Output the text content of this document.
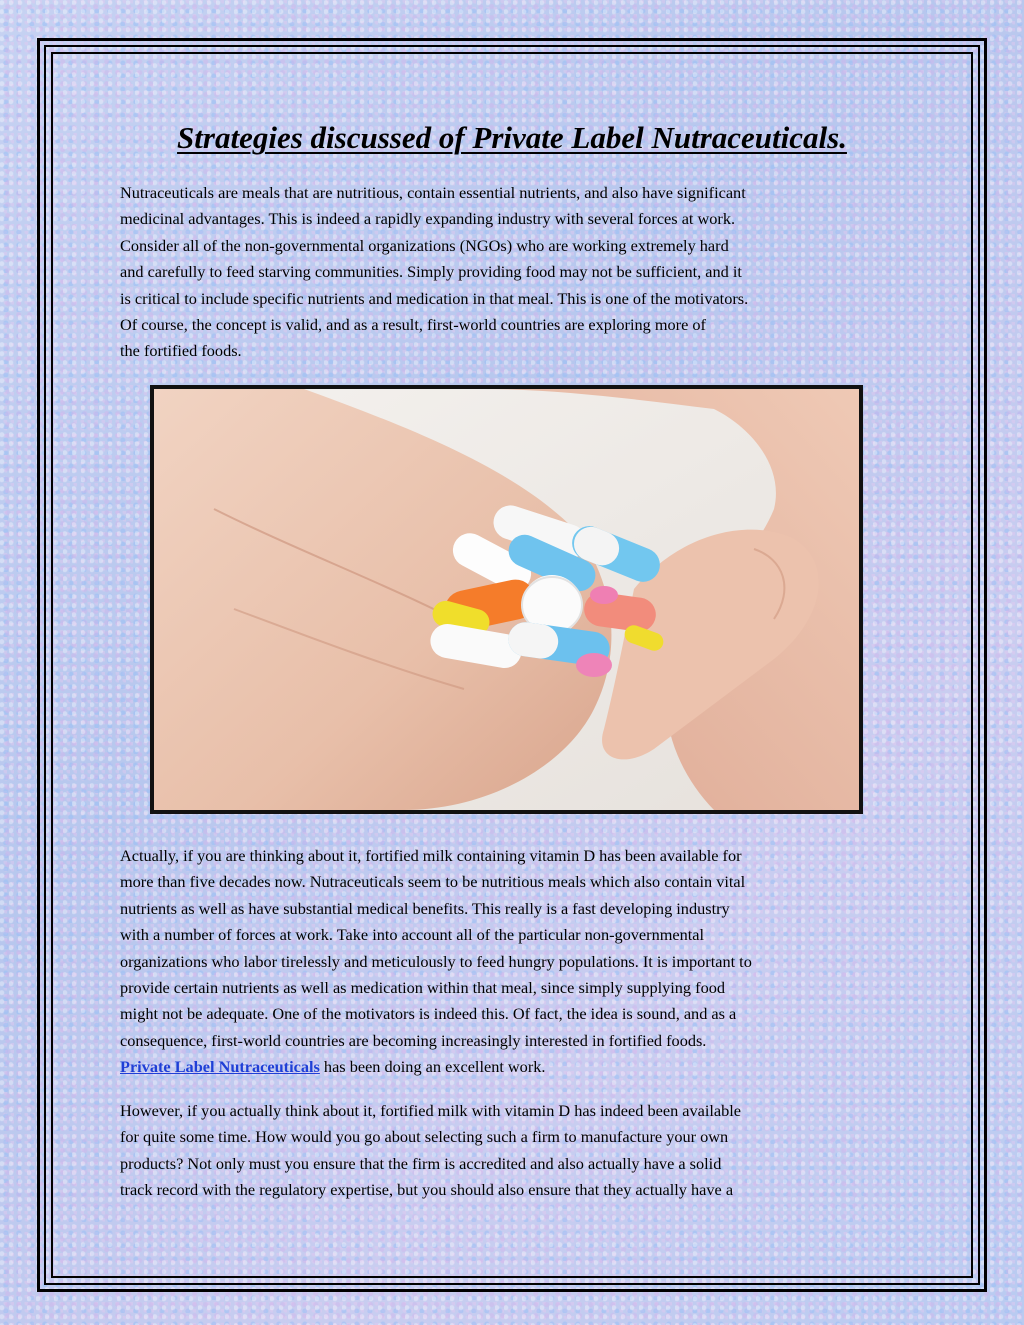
Strategies discussed of Private Label Nutraceuticals.

Nutraceuticals are meals that are nutritious, contain essential nutrients, and also have significant
medicinal advantages. This is indeed a rapidly expanding industry with several forces at work.
Consider all of the non-governmental organizations (NGOs) who are working extremely hard
and carefully to feed starving communities. Simply providing food may not be sufficient, and it
is critical to include specific nutrients and medication in that meal. This is one of the motivators.
Of course, the concept is valid, and as a result, first-world countries are exploring more of
the fortified foods.

Actually, if you are thinking about it, fortified milk containing vitamin D has been available for
more than five decades now. Nutraceuticals seem to be nutritious meals which also contain vital
nutrients as well as have substantial medical benefits. This really is a fast developing industry
with a number of forces at work. Take into account all of the particular non-governmental
organizations who labor tirelessly and meticulously to feed hungry populations. It is important to
provide certain nutrients as well as medication within that meal, since simply supplying food
might not be adequate. One of the motivators is indeed this. Of fact, the idea is sound, and as a
consequence, first-world countries are becoming increasingly interested in fortified foods.
Private Label Nutraceuticals has been doing an excellent work.

However, if you actually think about it, fortified milk with vitamin D has indeed been available
for quite some time. How would you go about selecting such a firm to manufacture your own
products? Not only must you ensure that the firm is accredited and also actually have a solid
track record with the regulatory expertise, but you should also ensure that they actually have a
